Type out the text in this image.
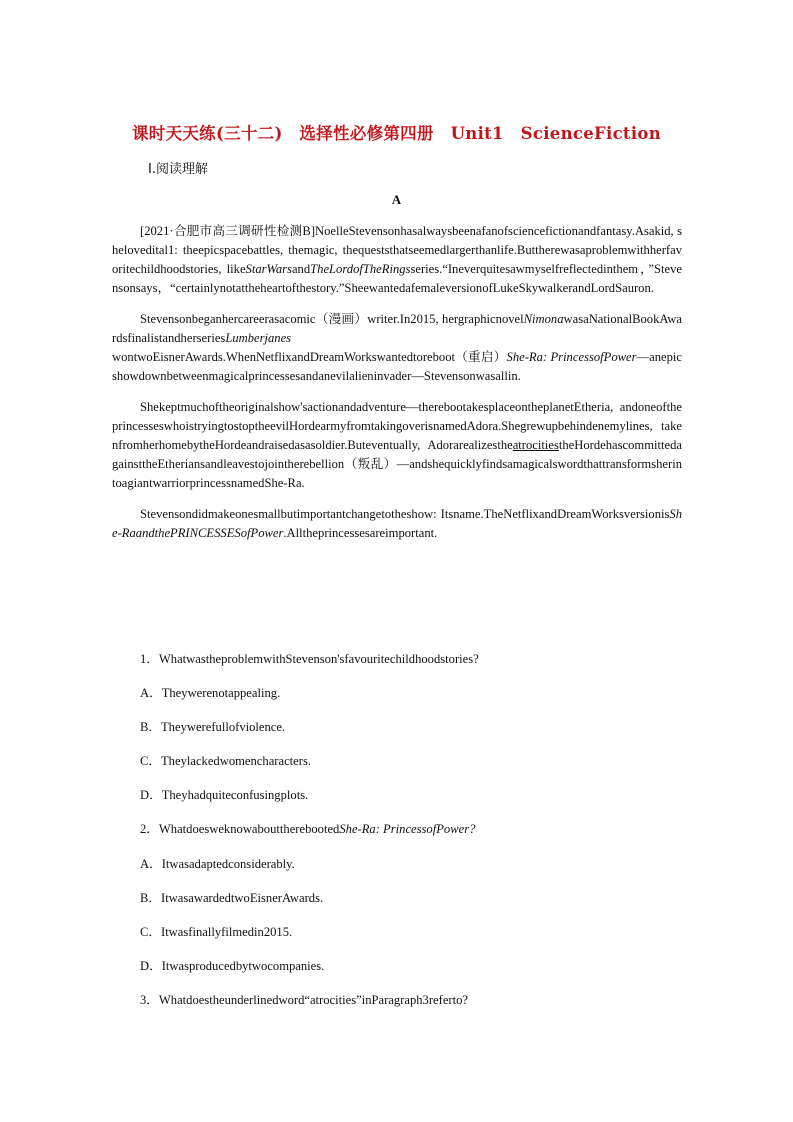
课时天天练(三十二)　选择性必修第四册　Unit1　ScienceFiction
Ⅰ.阅读理解
A

[2021·合肥市高三调研性检测B]NoelleStevensonhasalwaysbeenafanofsciencefictionandfantasy.Asakid, shelovedital1: theepicspacebattles, themagic, thequeststhatseemedlargerthanlife.Buttherewasaproblemwithherfavoritechildhoodstories, likeStarWarsandTheLordofTheRingsseries.“Ineverquitesawmyselfreflectedinthem，”Stevensonsays，“certainlynotattheheartofthestory.”SheewantedafemaleversionofLukeSkywalkerandLordSauron.

Stevensonbeganhercareerasacomic（漫画）writer.In2015, hergraphicnovelNimonawasaNationalBookAwardsfinalistandherseriesLumberjaneswontwoEisnerAwards.WhenNetflixandDreamWorkswantedtoreboot（重启）She-Ra: PrincessofPower—anepicshowdownbetweenmagicalprincessesandanevilalieninvader—Stevensonwasallin.

Shekeptmuchoftheoriginalshow'sactionandadventure—therebootakesplaceontheplanetEtheria, andoneoftheprincesseswhoistryingtostoptheevilHordearmyfromtakingoverisnamedAdora.Shegrewupbehindenemylines, takenfromherhomebytheHordeandraisedasasoldier.Buteventually, AdorarealizestheatrocitiestheHordehascommittedagainsttheEtheriansandleavestojointherebellion（叛乱）—andshequicklyfindsamagicalswordthattransformsherintoagiantwarriorprincessnamedShe-Ra.

Stevensondidmakeonesmallbutimportantchangetotheshow: Itsname.TheNetflixandDreamWorksversionisShe-RaandthePRINCESSESofPower.Alltheprincessesareimportant.

1．WhatwastheproblemwithStevenson'sfavouritechildhoodstories?
A．Theywerenotappealing.
B．Theywerefullofviolence.
C．Theylackedwomencharacters.
D．Theyhadquiteconfusingplots.
2．WhatdoesweknowabouttherebootedShe-Ra: PrincessofPower?
A．Itwasadaptedconsiderably.
B．ItwasawardedtwoEisnerAwards.
C．Itwasfinallyfilmedin2015.
D．Itwasproducedbytwocompanies.
3．Whatdoestheunderlinedword“atrocities”inParagraph3referto?
